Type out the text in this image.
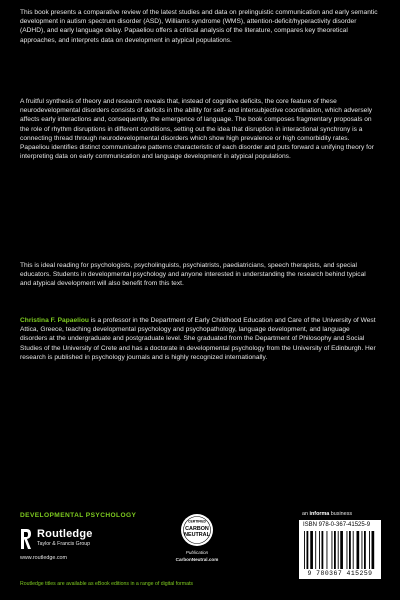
This book presents a comparative review of the latest studies and data on prelinguistic communication and early semantic development in autism spectrum disorder (ASD), Williams syndrome (WMS), attention-deficit/hyperactivity disorder (ADHD), and early language delay. Papaeliou offers a critical analysis of the literature, compares key theoretical approaches, and interprets data on development in atypical populations.
A fruitful synthesis of theory and research reveals that, instead of cognitive deficits, the core feature of these neurodevelopmental disorders consists of deficits in the ability for self- and intersubjective coordination, which adversely affects early interactions and, consequently, the emergence of language. The book composes fragmentary proposals on the role of rhythm disruptions in different conditions, setting out the idea that disruption in interactional synchrony is a connecting thread through neurodevelopmental disorders which show high prevalence or high comorbidity rates. Papaeliou identifies distinct communicative patterns characteristic of each disorder and puts forward a unifying theory for interpreting data on early communication and language development in atypical populations.
This is ideal reading for psychologists, psycholinguists, psychiatrists, paediatricians, speech therapists, and special educators. Students in developmental psychology and anyone interested in understanding the research behind typical and atypical development will also benefit from this text.
Christina F. Papaeliou is a professor in the Department of Early Childhood Education and Care of the University of West Attica, Greece, teaching developmental psychology and psychopathology, language development, and language disorders at the undergraduate and postgraduate level. She graduated from the Department of Philosophy and Social Studies of the University of Crete and has a doctorate in developmental psychology from the University of Edinburgh. Her research is published in psychology journals and is highly recognized internationally.
DEVELOPMENTAL PSYCHOLOGY
Routledge
Taylor & Francis Group
www.routledge.com
Routledge titles are available as eBook editions in a range of digital formats
CERTIFIED
CARBON
NEUTRAL
Publication
CarbonNeutral.com
an informa business
ISBN 978-0-367-41525-9
9 780367 415259
